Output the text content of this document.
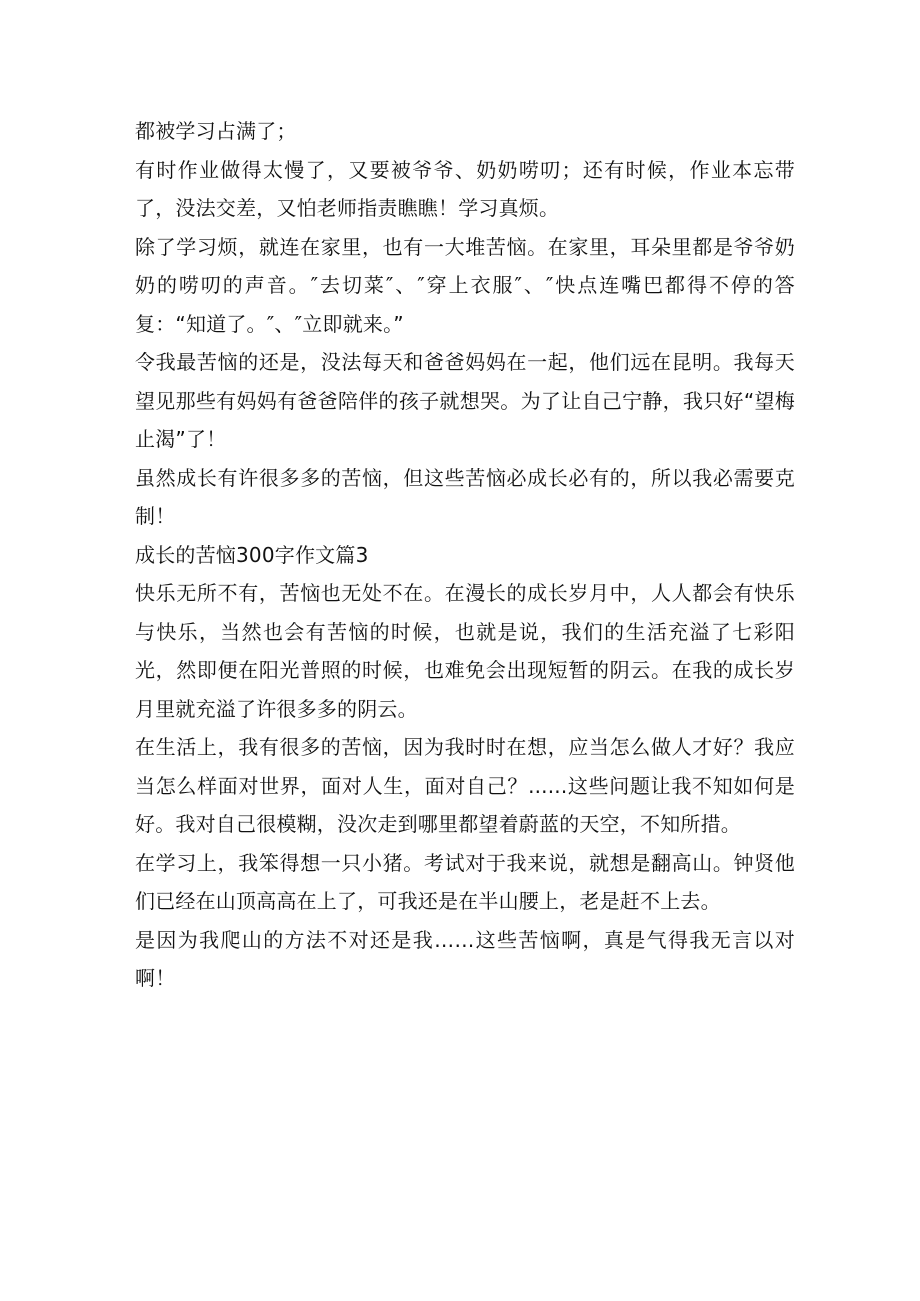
都被学习占满了；

有时作业做得太慢了，又要被爷爷、奶奶唠叨；还有时候，作业本忘带了，没法交差，又怕老师指责瞧瞧！学习真烦。

除了学习烦，就连在家里，也有一大堆苦恼。在家里，耳朵里都是爷爷奶奶的唠叨的声音。″去切菜″、″穿上衣服″、″快点连嘴巴都得不停的答复：“知道了。″、″立即就来。”

令我最苦恼的还是，没法每天和爸爸妈妈在一起，他们远在昆明。我每天望见那些有妈妈有爸爸陪伴的孩子就想哭。为了让自己宁静，我只好“望梅止渴”了！

虽然成长有许很多多的苦恼，但这些苦恼必成长必有的，所以我必需要克制！

成长的苦恼300字作文篇3

快乐无所不有，苦恼也无处不在。在漫长的成长岁月中，人人都会有快乐与快乐，当然也会有苦恼的时候，也就是说，我们的生活充溢了七彩阳光，然即便在阳光普照的时候，也难免会出现短暂的阴云。在我的成长岁月里就充溢了许很多多的阴云。

在生活上，我有很多的苦恼，因为我时时在想，应当怎么做人才好？我应当怎么样面对世界，面对人生，面对自己？......这些问题让我不知如何是好。我对自己很模糊，没次走到哪里都望着蔚蓝的天空，不知所措。

在学习上，我笨得想一只小猪。考试对于我来说，就想是翻高山。钟贤他们已经在山顶高高在上了，可我还是在半山腰上，老是赶不上去。

是因为我爬山的方法不对还是我……这些苦恼啊，真是气得我无言以对啊！
